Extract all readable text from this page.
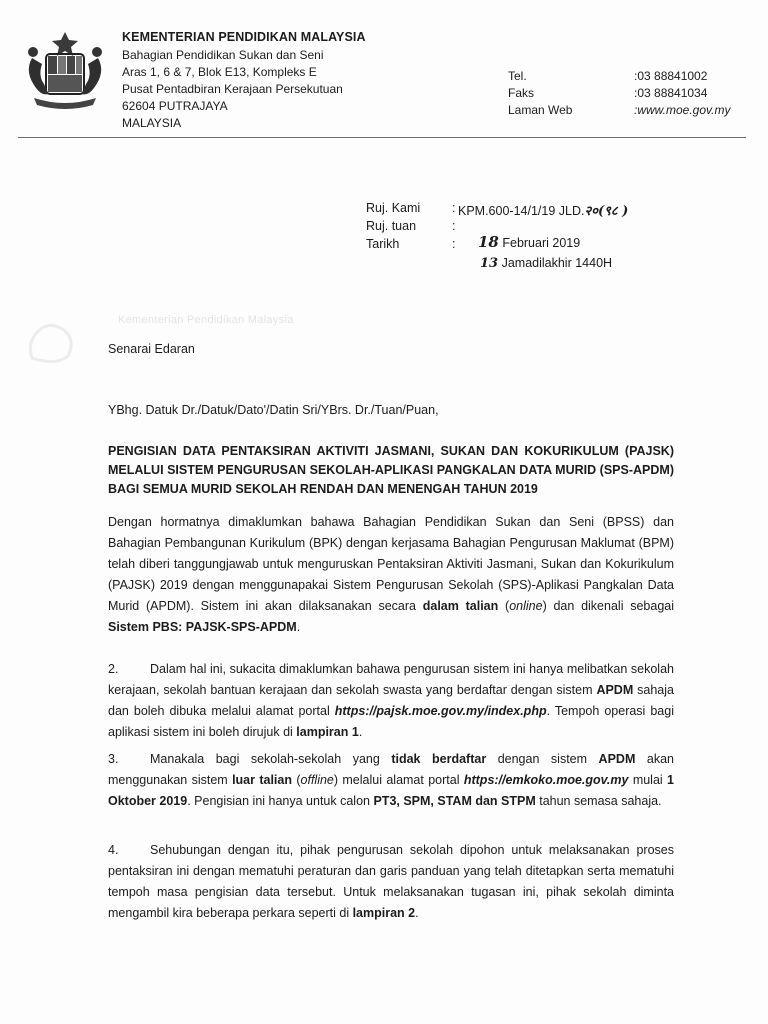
KEMENTERIAN PENDIDIKAN MALAYSIA
Bahagian Pendidikan Sukan dan Seni
Aras 1, 6 & 7, Blok E13, Kompleks E
Pusat Pentadbiran Kerajaan Persekutuan
62604 PUTRAJAYA
MALAYSIA
Tel.	:03 88841002
Faks	:03 88841034
Laman Web	:www.moe.gov.my
Ruj. Kami	: KPM.600-14/1/19 JLD.२०(९८ )
Ruj. tuan	:
Tarikh	: 18 Februari 2019
13 Jamadilakhir 1440H
Kementerian Pendidikan Malaysia
Senarai Edaran
YBhg. Datuk Dr./Datuk/Dato'/Datin Sri/YBrs. Dr./Tuan/Puan,
PENGISIAN DATA PENTAKSIRAN AKTIVITI JASMANI, SUKAN DAN KOKURIKULUM (PAJSK) MELALUI SISTEM PENGURUSAN SEKOLAH-APLIKASI PANGKALAN DATA MURID (SPS-APDM) BAGI SEMUA MURID SEKOLAH RENDAH DAN MENENGAH TAHUN 2019
Dengan hormatnya dimaklumkan bahawa Bahagian Pendidikan Sukan dan Seni (BPSS) dan Bahagian Pembangunan Kurikulum (BPK) dengan kerjasama Bahagian Pengurusan Maklumat (BPM) telah diberi tanggungjawab untuk menguruskan Pentaksiran Aktiviti Jasmani, Sukan dan Kokurikulum (PAJSK) 2019 dengan menggunapakai Sistem Pengurusan Sekolah (SPS)-Aplikasi Pangkalan Data Murid (APDM). Sistem ini akan dilaksanakan secara dalam talian (online) dan dikenali sebagai Sistem PBS: PAJSK-SPS-APDM.
2.	Dalam hal ini, sukacita dimaklumkan bahawa pengurusan sistem ini hanya melibatkan sekolah kerajaan, sekolah bantuan kerajaan dan sekolah swasta yang berdaftar dengan sistem APDM sahaja dan boleh dibuka melalui alamat portal https://pajsk.moe.gov.my/index.php. Tempoh operasi bagi aplikasi sistem ini boleh dirujuk di lampiran 1.
3.	Manakala bagi sekolah-sekolah yang tidak berdaftar dengan sistem APDM akan menggunakan sistem luar talian (offline) melalui alamat portal https://emkoko.moe.gov.my mulai 1 Oktober 2019. Pengisian ini hanya untuk calon PT3, SPM, STAM dan STPM tahun semasa sahaja.
4.	Sehubungan dengan itu, pihak pengurusan sekolah dipohon untuk melaksanakan proses pentaksiran ini dengan mematuhi peraturan dan garis panduan yang telah ditetapkan serta mematuhi tempoh masa pengisian data tersebut. Untuk melaksanakan tugasan ini, pihak sekolah diminta mengambil kira beberapa perkara seperti di lampiran 2.
